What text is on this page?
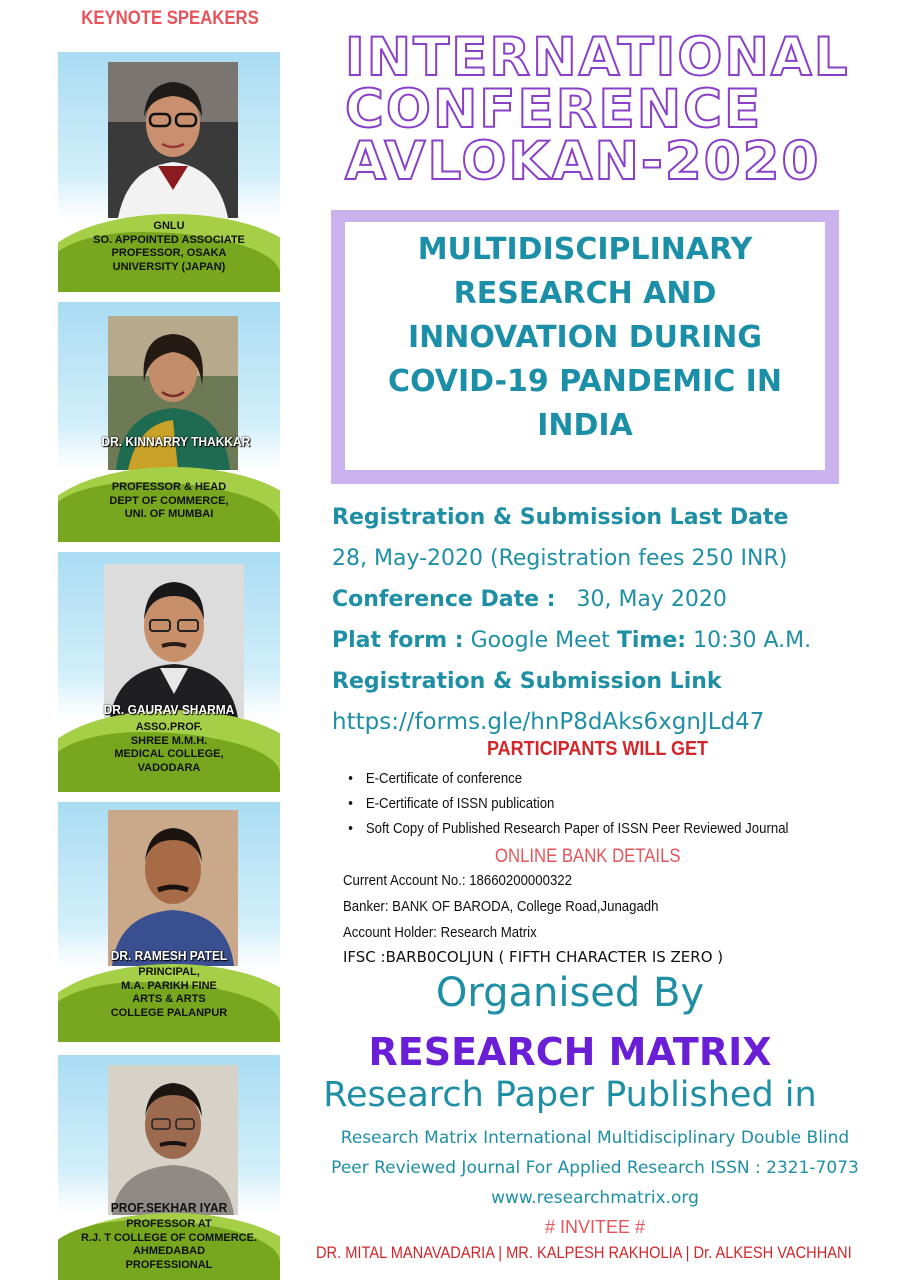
KEYNOTE SPEAKERS
GNLU
SO. APPOINTED ASSOCIATE
PROFESSOR, OSAKA
UNIVERSITY (JAPAN)
DR. KINNARRY THAKKAR
PROFESSOR & HEAD
DEPT OF COMMERCE,
UNI. OF MUMBAI
DR. GAURAV SHARMA
ASSO.PROF.
SHREE M.M.H.
MEDICAL COLLEGE,
VADODARA
DR. RAMESH PATEL
PRINCIPAL,
M.A. PARIKH FINE
ARTS & ARTS
COLLEGE PALANPUR
PROF.SEKHAR IYAR
PROFESSOR AT
R.J. T COLLEGE OF COMMERCE.
AHMEDABAD
PROFESSIONAL
INTERNATIONAL
CONFERENCE
AVLOKAN-2020
MULTIDISCIPLINARY
RESEARCH AND
INNOVATION DURING
COVID-19 PANDEMIC IN
INDIA
Registration & Submission Last Date
28, May-2020 (Registration fees 250 INR)
Conference Date : 30, May 2020
Plat form : Google Meet Time: 10:30 A.M.
Registration & Submission Link
https://forms.gle/hnP8dAks6xgnJLd47
PARTICIPANTS WILL GET
• E-Certificate of conference
• E-Certificate of ISSN publication
• Soft Copy of Published Research Paper of ISSN Peer Reviewed Journal
ONLINE BANK DETAILS
Current Account No.: 18660200000322
Banker: BANK OF BARODA, College Road,Junagadh
Account Holder: Research Matrix
IFSC :BARB0COLJUN ( FIFTH CHARACTER IS ZERO )
Organised By
RESEARCH MATRIX
Research Paper Published in
Research Matrix International Multidisciplinary Double Blind
Peer Reviewed Journal For Applied Research ISSN : 2321-7073
www.researchmatrix.org
# INVITEE #
DR. MITAL MANAVADARIA | MR. KALPESH RAKHOLIA | Dr. ALKESH VACHHANI
